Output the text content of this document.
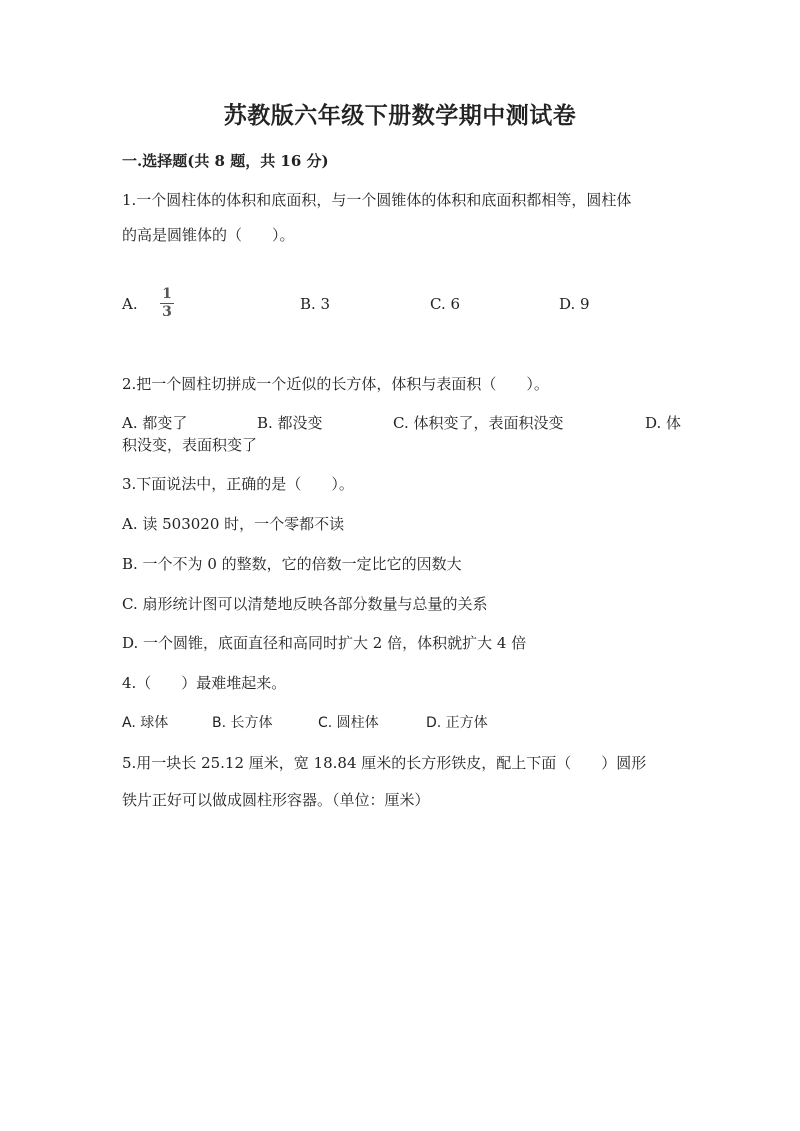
苏教版六年级下册数学期中测试卷
一.选择题(共 8 题，共 16 分)
1.一个圆柱体的体积和底面积，与一个圆锥体的体积和底面积都相等，圆柱体
的高是圆锥体的（　　）。
A.
1
3	B. 3	C. 6	D. 9
2.把一个圆柱切拼成一个近似的长方体，体积与表面积（　　）。
A. 都变了	B. 都没变	C. 体积变了，表面积没变	D. 体
积没变，表面积变了
3.下面说法中，正确的是（　　）。
A. 读 503020 时，一个零都不读
B. 一个不为 0 的整数，它的倍数一定比它的因数大
C. 扇形统计图可以清楚地反映各部分数量与总量的关系
D. 一个圆锥，底面直径和高同时扩大 2 倍，体积就扩大 4 倍
4.（　　）最难堆起来。
A. 球体	B. 长方体	C. 圆柱体	D. 正方体
5.用一块长 25.12 厘米，宽 18.84 厘米的长方形铁皮，配上下面（　　）圆形
铁片正好可以做成圆柱形容器。（单位：厘米）
